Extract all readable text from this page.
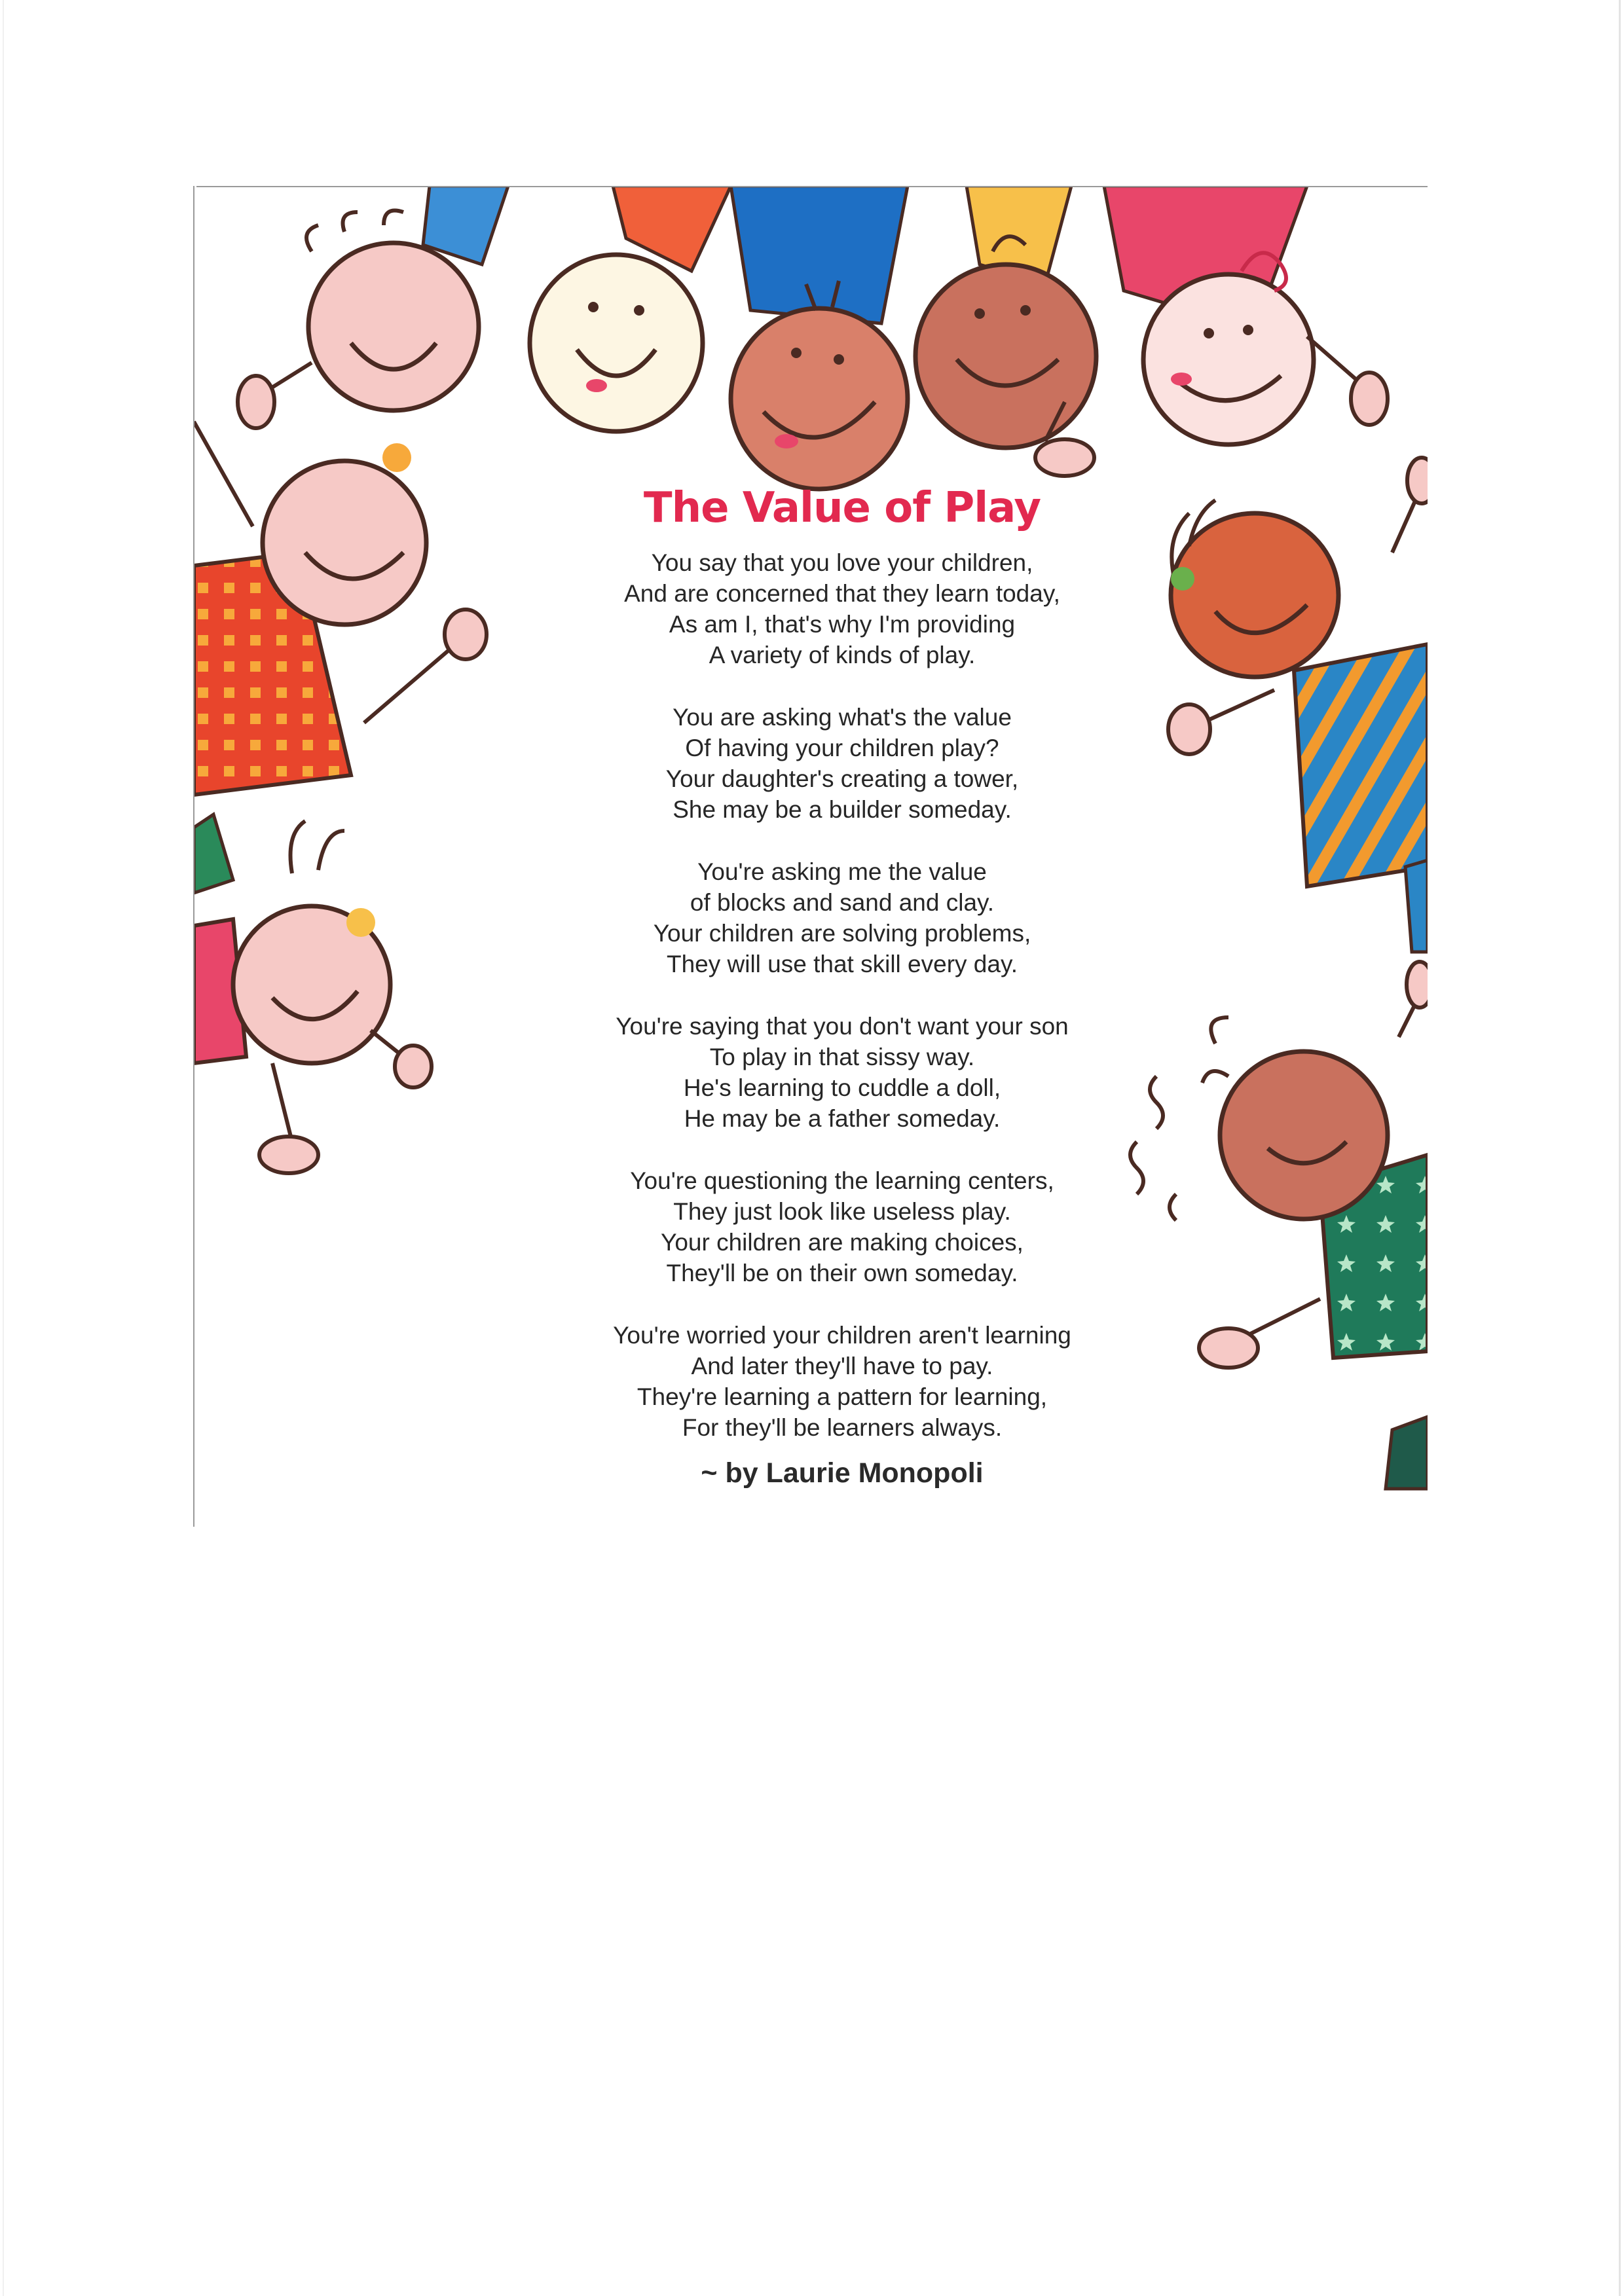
The Value of Play
You say that you love your children,
And are concerned that they learn today,
As am I, that's why I'm providing
A variety of kinds of play.
You are asking what's the value
Of having your children play?
Your daughter's creating a tower,
She may be a builder someday.
You're asking me the value
of blocks and sand and clay.
Your children are solving problems,
They will use that skill every day.
You're saying that you don't want your son
To play in that sissy way.
He's learning to cuddle a doll,
He may be a father someday.
You're questioning the learning centers,
They just look like useless play.
Your children are making choices,
They'll be on their own someday.
You're worried your children aren't learning
And later they'll have to pay.
They're learning a pattern for learning,
For they'll be learners always.
~ by Laurie Monopoli
